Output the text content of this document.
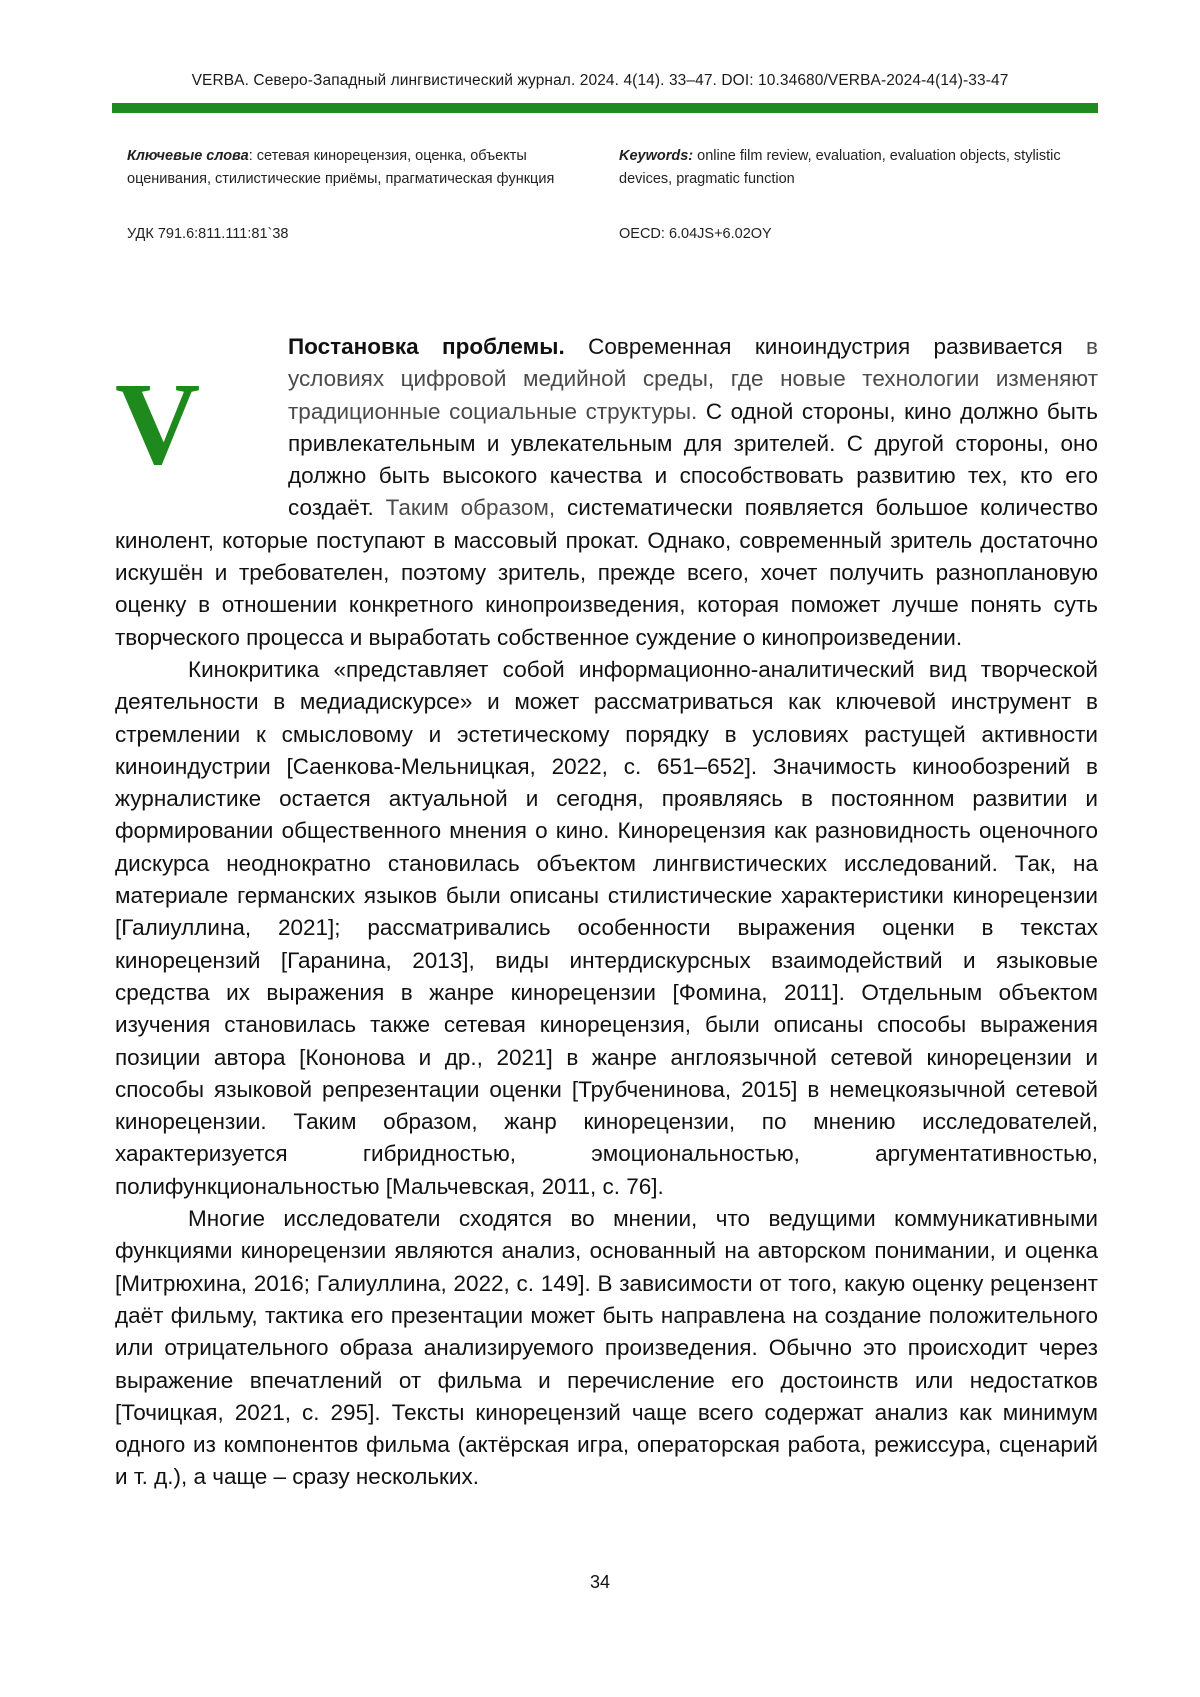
VERBA. Северо-Западный лингвистический журнал. 2024. 4(14). 33–47. DOI: 10.34680/VERBA-2024-4(14)-33-47
Ключевые слова: сетевая кинорецензия, оценка, объекты оценивания, стилистические приёмы, прагматическая функция
Keywords: online film review, evaluation, evaluation objects, stylistic devices, pragmatic function
УДК 791.6:811.111:81`38	OECD: 6.04JS+6.02OY

V
Постановка проблемы. Современная киноиндустрия развивается в условиях цифровой медийной среды, где новые технологии изменяют традиционные социальные структуры. С одной стороны, кино должно быть привлекательным и увлекательным для зрителей. С другой стороны, оно должно быть высокого качества и способствовать развитию тех, кто его создаёт. Таким образом, систематически появляется большое количество кинолент, которые поступают в массовый прокат. Однако, современный зритель достаточно искушён и требователен, поэтому зритель, прежде всего, хочет получить разноплановую оценку в отношении конкретного кинопроизведения, которая поможет лучше понять суть творческого процесса и выработать собственное суждение о кинопроизведении.

Кинокритика «представляет собой информационно-аналитический вид творческой деятельности в медиадискурсе» и может рассматриваться как ключевой инструмент в стремлении к смысловому и эстетическому порядку в условиях растущей активности киноиндустрии [Саенкова-Мельницкая, 2022, с. 651–652]. Значимость кинообозрений в журналистике остается актуальной и сегодня, проявляясь в постоянном развитии и формировании общественного мнения о кино. Кинорецензия как разновидность оценочного дискурса неоднократно становилась объектом лингвистических исследований. Так, на материале германских языков были описаны стилистические характеристики кинорецензии [Галиуллина, 2021]; рассматривались особенности выражения оценки в текстах кинорецензий [Гаранина, 2013], виды интердискурсных взаимодействий и языковые средства их выражения в жанре кинорецензии [Фомина, 2011]. Отдельным объектом изучения становилась также сетевая кинорецензия, были описаны способы выражения позиции автора [Кононова и др., 2021] в жанре англоязычной сетевой кинорецензии и способы языковой репрезентации оценки [Трубченинова, 2015] в немецкоязычной сетевой кинорецензии. Таким образом, жанр кинорецензии, по мнению исследователей, характеризуется гибридностью, эмоциональностью, аргументативностью, полифункциональностью [Мальчевская, 2011, с. 76].

Многие исследователи сходятся во мнении, что ведущими коммуникативными функциями кинорецензии являются анализ, основанный на авторском понимании, и оценка [Митрюхина, 2016; Галиуллина, 2022, с. 149]. В зависимости от того, какую оценку рецензент даёт фильму, тактика его презентации может быть направлена на создание положительного или отрицательного образа анализируемого произведения. Обычно это происходит через выражение впечатлений от фильма и перечисление его достоинств или недостатков [Точицкая, 2021, с. 295]. Тексты кинорецензий чаще всего содержат анализ как минимум одного из компонентов фильма (актёрская игра, операторская работа, режиссура, сценарий и т. д.), а чаще – сразу нескольких.

34
